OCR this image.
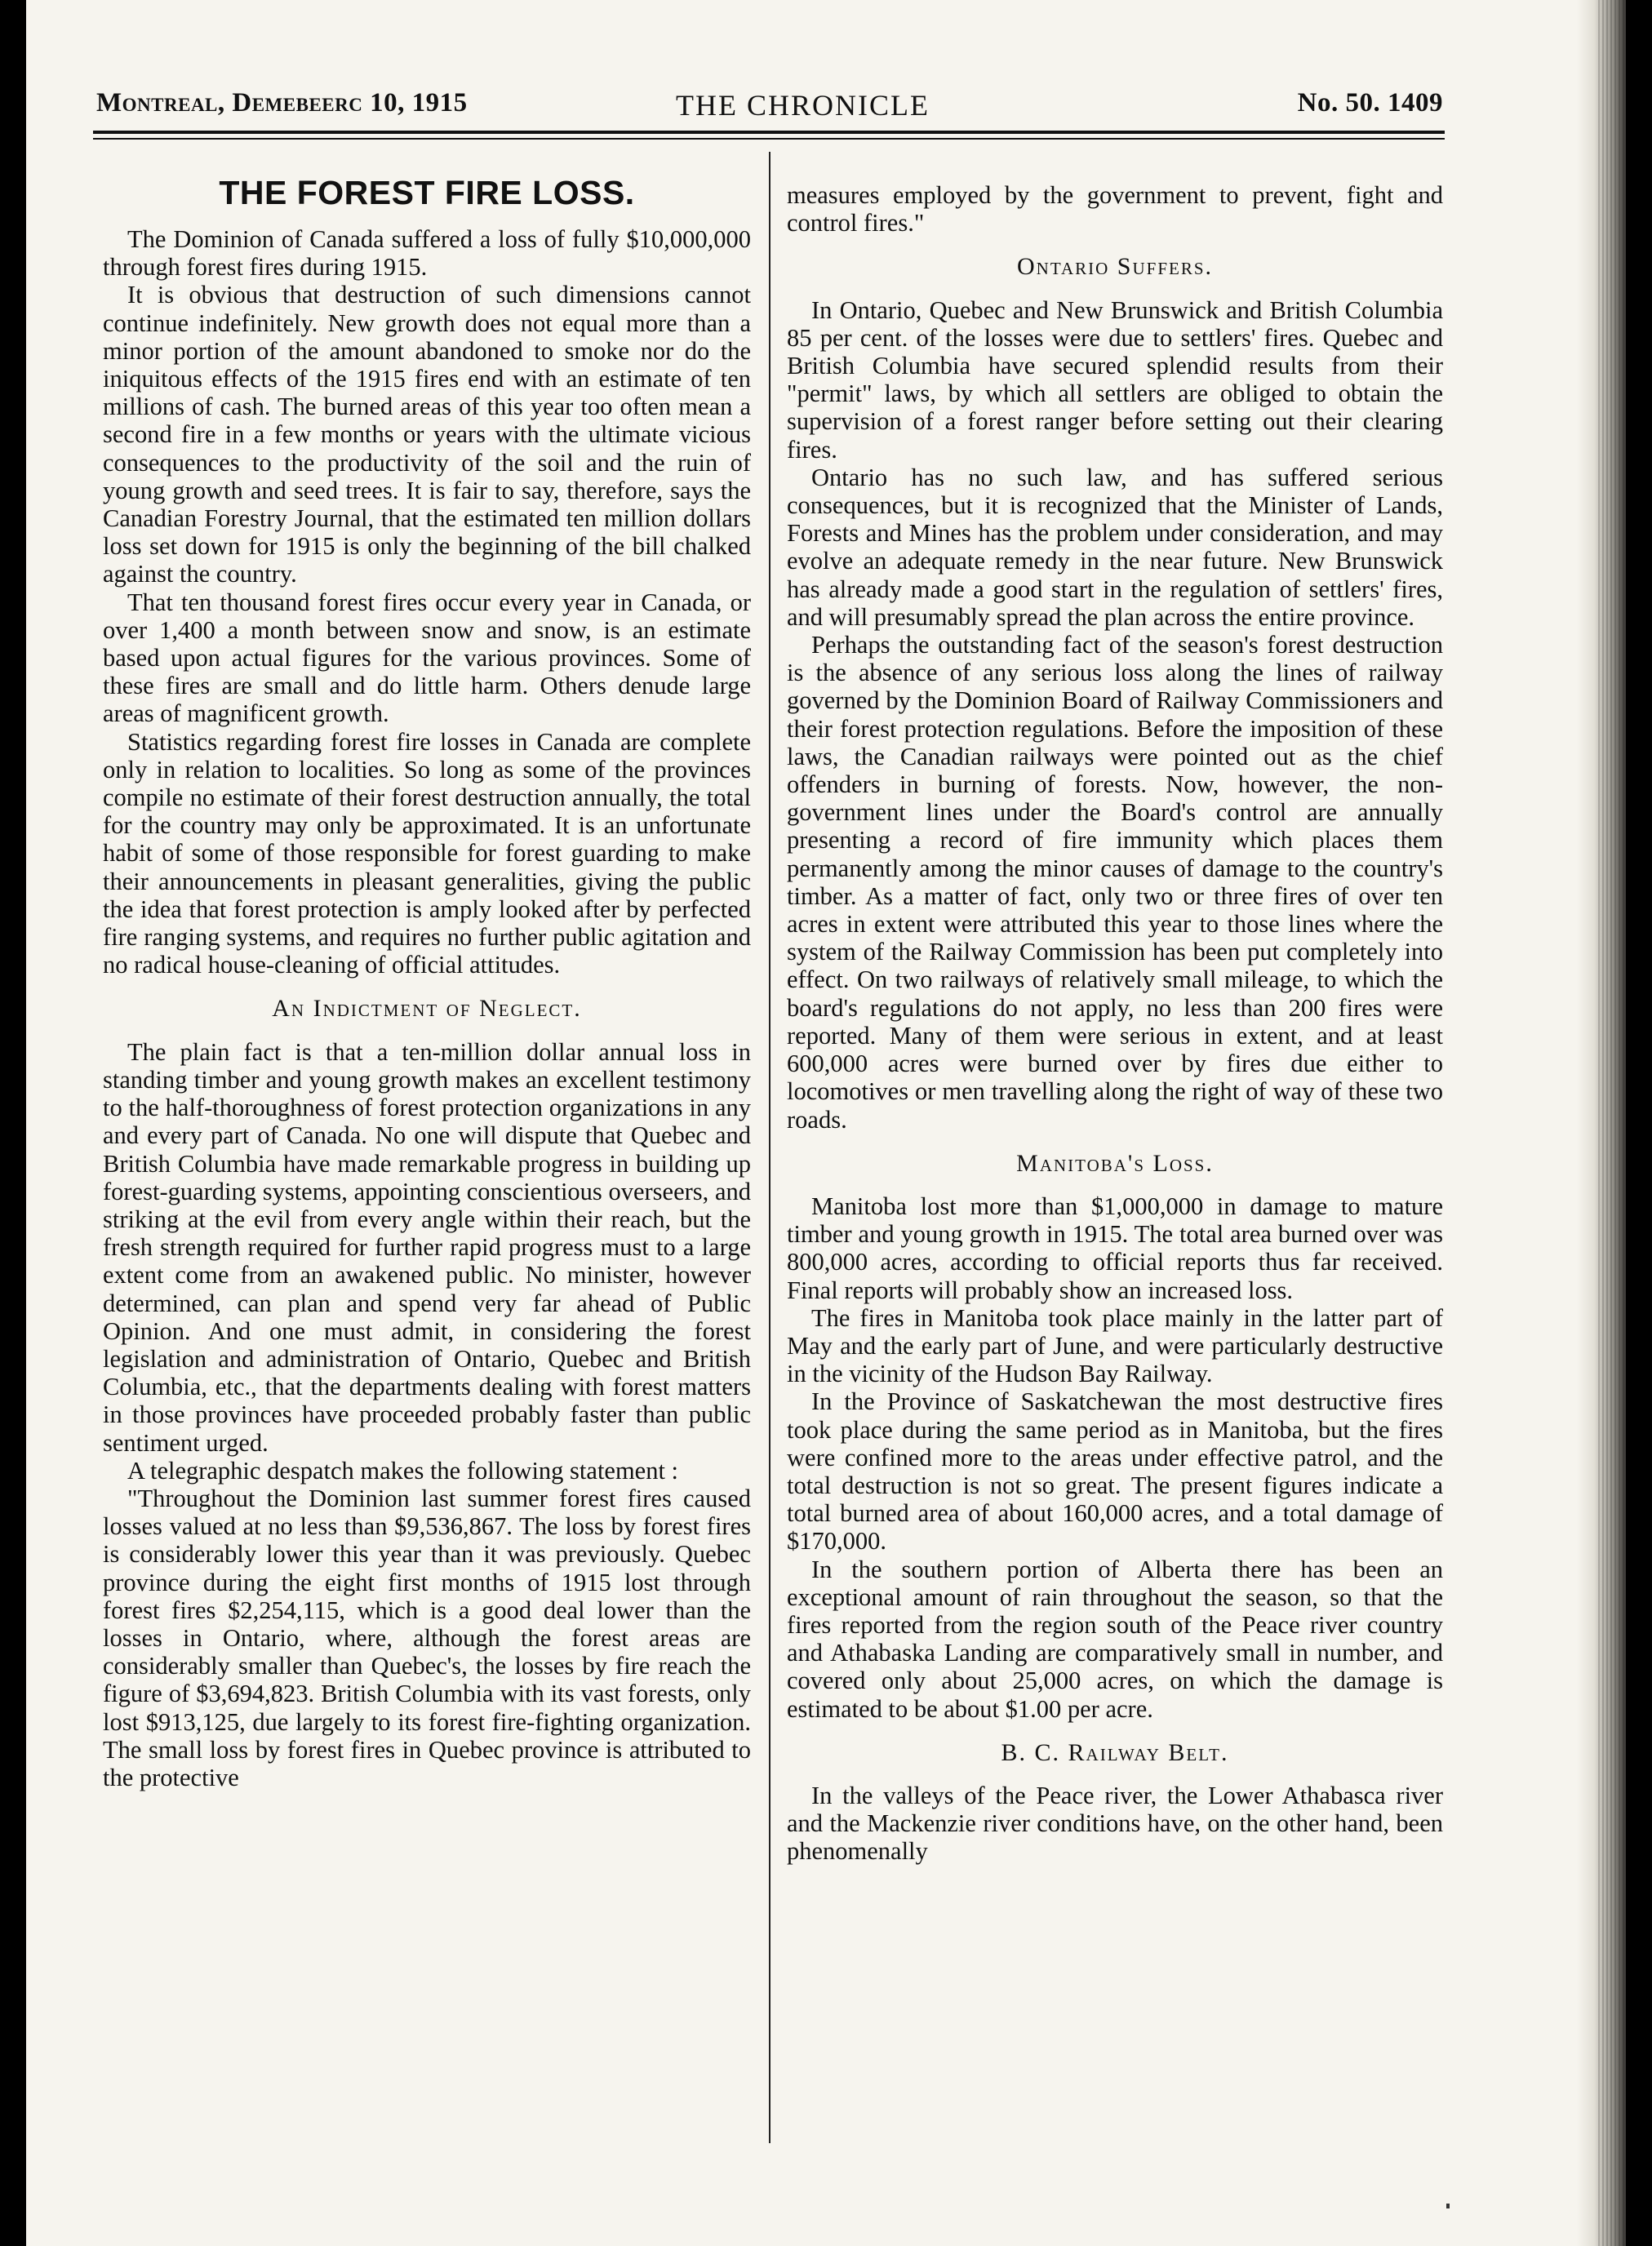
Montreal, Demebeerc 10, 1915	THE CHRONICLE	No. 50. 1409
THE FOREST FIRE LOSS.

The Dominion of Canada suffered a loss of fully $10,000,000 through forest fires during 1915.

It is obvious that destruction of such dimensions cannot continue indefinitely. New growth does not equal more than a minor portion of the amount abandoned to smoke nor do the iniquitous effects of the 1915 fires end with an estimate of ten millions of cash. The burned areas of this year too often mean a second fire in a few months or years with the ultimate vicious consequences to the productivity of the soil and the ruin of young growth and seed trees. It is fair to say, therefore, says the Canadian Forestry Journal, that the estimated ten million dollars loss set down for 1915 is only the beginning of the bill chalked against the country.

That ten thousand forest fires occur every year in Canada, or over 1,400 a month between snow and snow, is an estimate based upon actual figures for the various provinces. Some of these fires are small and do little harm. Others denude large areas of magnificent growth.

Statistics regarding forest fire losses in Canada are complete only in relation to localities. So long as some of the provinces compile no estimate of their forest destruction annually, the total for the country may only be approximated. It is an unfortunate habit of some of those responsible for forest guarding to make their announcements in pleasant generalities, giving the public the idea that forest protection is amply looked after by perfected fire ranging systems, and requires no further public agitation and no radical house-cleaning of official attitudes.

An Indictment of Neglect.

The plain fact is that a ten-million dollar annual loss in standing timber and young growth makes an excellent testimony to the half-thoroughness of forest protection organizations in any and every part of Canada. No one will dispute that Quebec and British Columbia have made remarkable progress in building up forest-guarding systems, appointing conscientious overseers, and striking at the evil from every angle within their reach, but the fresh strength required for further rapid progress must to a large extent come from an awakened public. No minister, however determined, can plan and spend very far ahead of Public Opinion. And one must admit, in considering the forest legislation and administration of Ontario, Quebec and British Columbia, etc., that the departments dealing with forest matters in those provinces have proceeded probably faster than public sentiment urged.

A telegraphic despatch makes the following statement :

"Throughout the Dominion last summer forest fires caused losses valued at no less than $9,536,867. The loss by forest fires is considerably lower this year than it was previously. Quebec province during the eight first months of 1915 lost through forest fires $2,254,115, which is a good deal lower than the losses in Ontario, where, although the forest areas are considerably smaller than Quebec's, the losses by fire reach the figure of $3,694,823. British Columbia with its vast forests, only lost $913,125, due largely to its forest fire-fighting organization. The small loss by forest fires in Quebec province is attributed to the protective

measures employed by the government to prevent, fight and control fires."

Ontario Suffers.

In Ontario, Quebec and New Brunswick and British Columbia 85 per cent. of the losses were due to settlers' fires. Quebec and British Columbia have secured splendid results from their "permit" laws, by which all settlers are obliged to obtain the supervision of a forest ranger before setting out their clearing fires.

Ontario has no such law, and has suffered serious consequences, but it is recognized that the Minister of Lands, Forests and Mines has the problem under consideration, and may evolve an adequate remedy in the near future. New Brunswick has already made a good start in the regulation of settlers' fires, and will presumably spread the plan across the entire province.

Perhaps the outstanding fact of the season's forest destruction is the absence of any serious loss along the lines of railway governed by the Dominion Board of Railway Commissioners and their forest protection regulations. Before the imposition of these laws, the Canadian railways were pointed out as the chief offenders in burning of forests. Now, however, the non-government lines under the Board's control are annually presenting a record of fire immunity which places them permanently among the minor causes of damage to the country's timber. As a matter of fact, only two or three fires of over ten acres in extent were attributed this year to those lines where the system of the Railway Commission has been put completely into effect. On two railways of relatively small mileage, to which the board's regulations do not apply, no less than 200 fires were reported. Many of them were serious in extent, and at least 600,000 acres were burned over by fires due either to locomotives or men travelling along the right of way of these two roads.

Manitoba's Loss.

Manitoba lost more than $1,000,000 in damage to mature timber and young growth in 1915. The total area burned over was 800,000 acres, according to official reports thus far received. Final reports will probably show an increased loss.

The fires in Manitoba took place mainly in the latter part of May and the early part of June, and were particularly destructive in the vicinity of the Hudson Bay Railway.

In the Province of Saskatchewan the most destructive fires took place during the same period as in Manitoba, but the fires were confined more to the areas under effective patrol, and the total destruction is not so great. The present figures indicate a total burned area of about 160,000 acres, and a total damage of $170,000.

In the southern portion of Alberta there has been an exceptional amount of rain throughout the season, so that the fires reported from the region south of the Peace river country and Athabaska Landing are comparatively small in number, and covered only about 25,000 acres, on which the damage is estimated to be about $1.00 per acre.

B. C. Railway Belt.

In the valleys of the Peace river, the Lower Athabasca river and the Mackenzie river conditions have, on the other hand, been phenomenally
